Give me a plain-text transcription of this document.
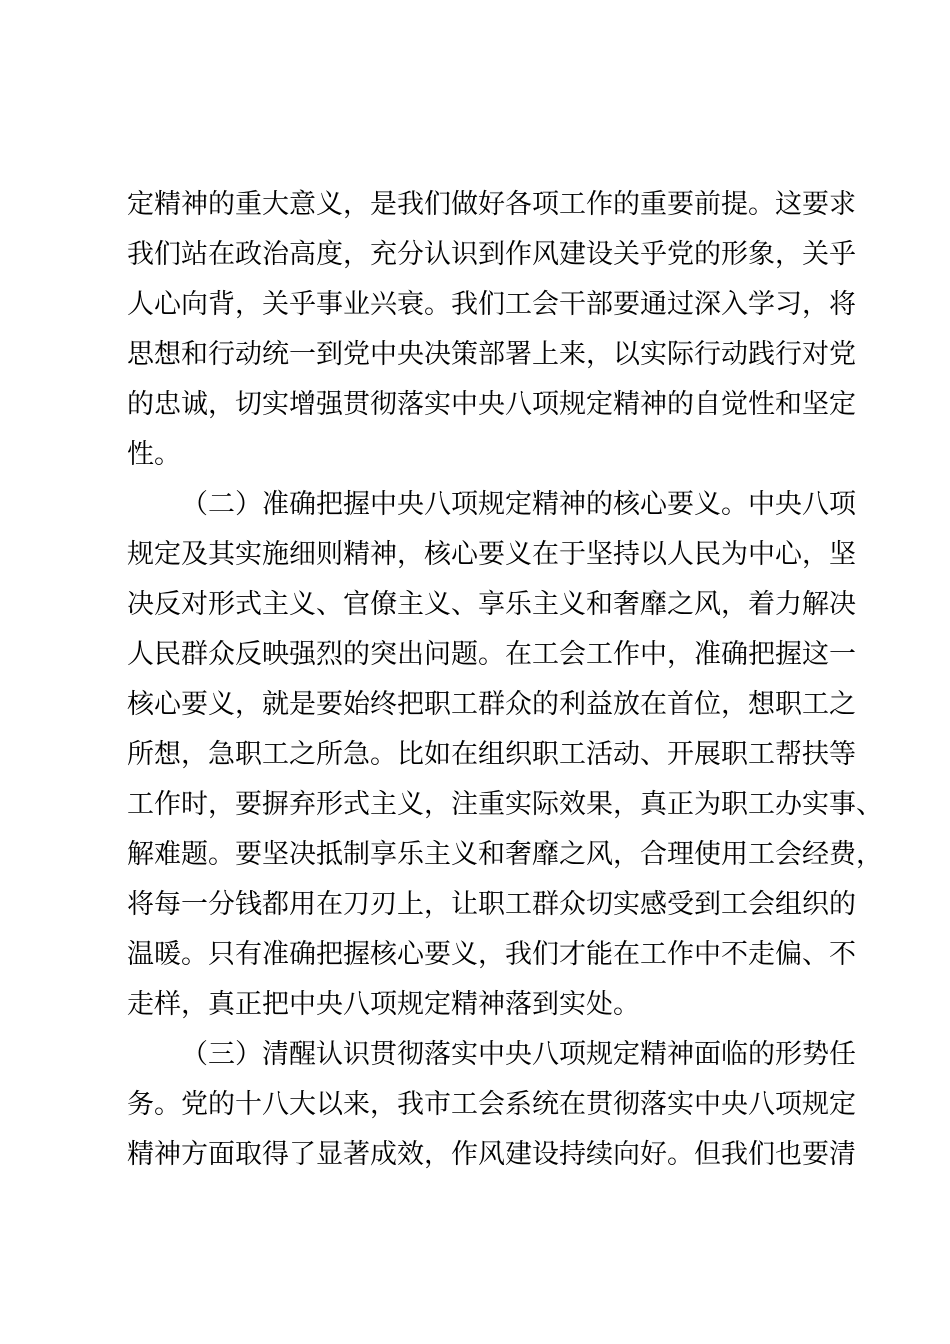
定精神的重大意义，是我们做好各项工作的重要前提。这要求
我们站在政治高度，充分认识到作风建设关乎党的形象，关乎
人心向背，关乎事业兴衰。我们工会干部要通过深入学习，将
思想和行动统一到党中央决策部署上来，以实际行动践行对党
的忠诚，切实增强贯彻落实中央八项规定精神的自觉性和坚定
性。
（二）准确把握中央八项规定精神的核心要义。中央八项
规定及其实施细则精神，核心要义在于坚持以人民为中心，坚
决反对形式主义、官僚主义、享乐主义和奢靡之风，着力解决
人民群众反映强烈的突出问题。在工会工作中，准确把握这一
核心要义，就是要始终把职工群众的利益放在首位，想职工之
所想，急职工之所急。比如在组织职工活动、开展职工帮扶等
工作时，要摒弃形式主义，注重实际效果，真正为职工办实事、
解难题。要坚决抵制享乐主义和奢靡之风，合理使用工会经费，
将每一分钱都用在刀刃上，让职工群众切实感受到工会组织的
温暖。只有准确把握核心要义，我们才能在工作中不走偏、不
走样，真正把中央八项规定精神落到实处。
（三）清醒认识贯彻落实中央八项规定精神面临的形势任
务。党的十八大以来，我市工会系统在贯彻落实中央八项规定
精神方面取得了显著成效，作风建设持续向好。但我们也要清
